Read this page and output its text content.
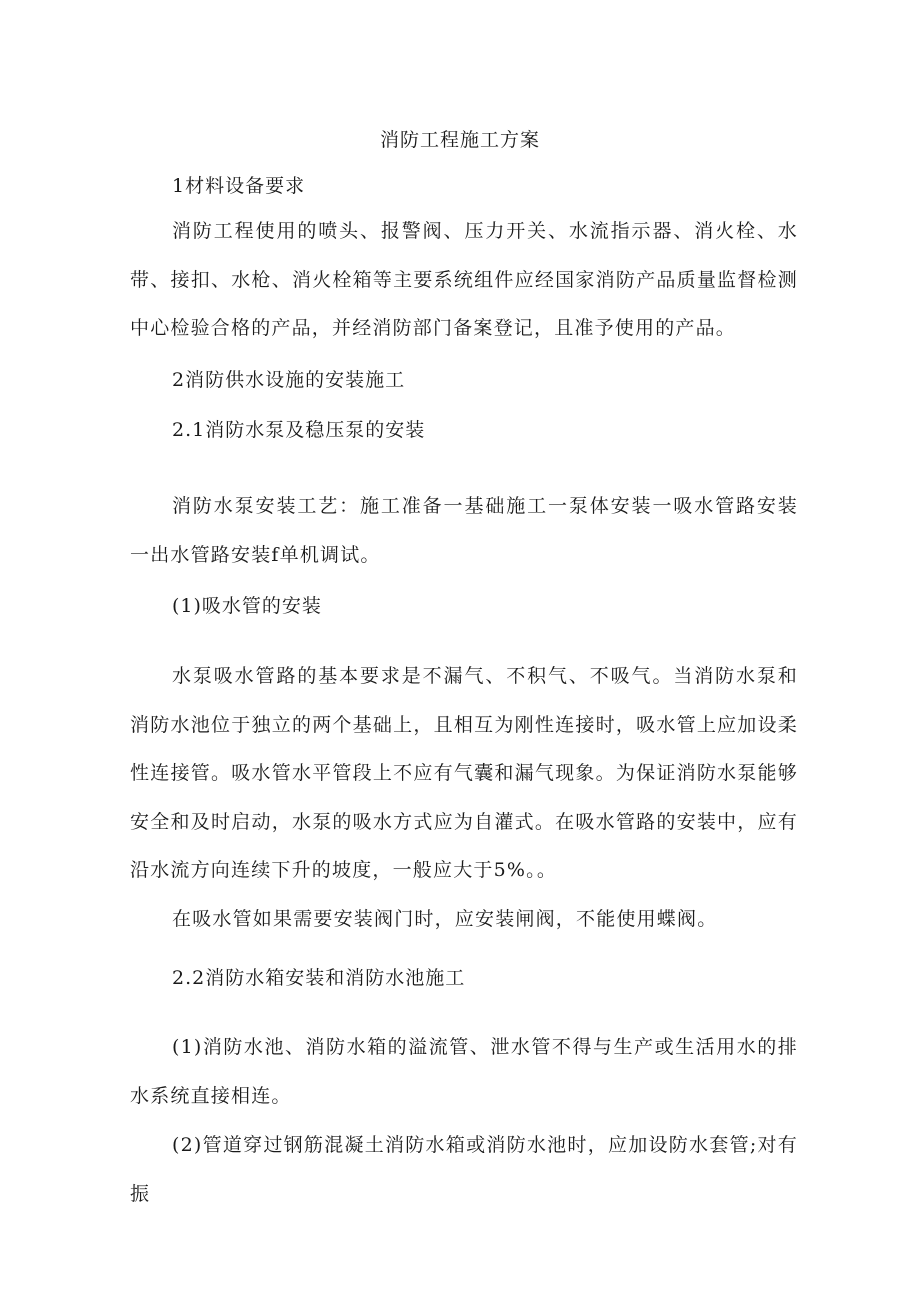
消防工程施工方案
1材料设备要求

消防工程使用的喷头、报警阀、压力开关、水流指示器、消火栓、水带、接扣、水枪、消火栓箱等主要系统组件应经国家消防产品质量监督检测中心检验合格的产品，并经消防部门备案登记，且准予使用的产品。

2消防供水设施的安装施工
2.1消防水泵及稳压泵的安装

消防水泵安装工艺：施工准备一基础施工一泵体安装一吸水管路安装一出水管路安装f单机调试。

(1)吸水管的安装

水泵吸水管路的基本要求是不漏气、不积气、不吸气。当消防水泵和消防水池位于独立的两个基础上，且相互为刚性连接时，吸水管上应加设柔性连接管。吸水管水平管段上不应有气囊和漏气现象。为保证消防水泵能够安全和及时启动，水泵的吸水方式应为自灌式。在吸水管路的安装中，应有沿水流方向连续下升的坡度，一般应大于5%。。

在吸水管如果需要安装阀门时，应安装闸阀，不能使用蝶阀。

2.2消防水箱安装和消防水池施工

(1)消防水池、消防水箱的溢流管、泄水管不得与生产或生活用水的排水系统直接相连。

(2)管道穿过钢筋混凝土消防水箱或消防水池时，应加设防水套管;对有振
